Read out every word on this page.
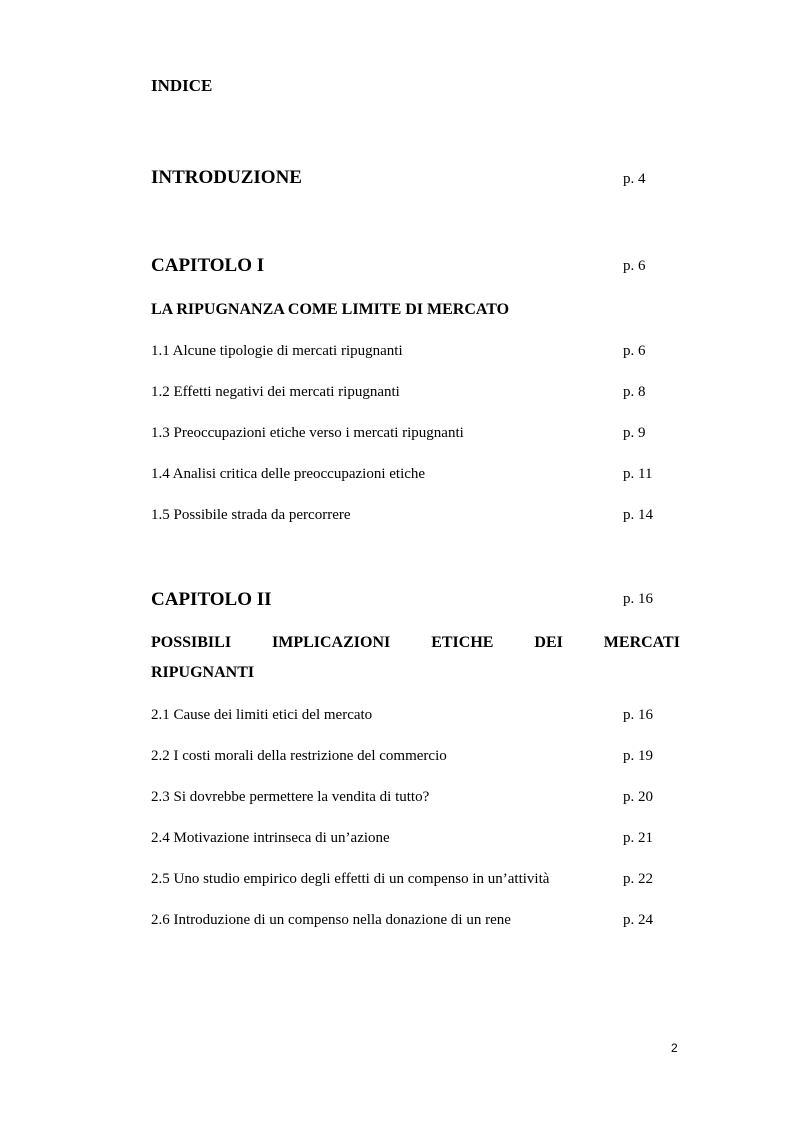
INDICE
INTRODUZIONE	p. 4
CAPITOLO I	p. 6
LA RIPUGNANZA COME LIMITE DI MERCATO
1.1 Alcune tipologie di mercati ripugnanti	p. 6
1.2 Effetti negativi dei mercati ripugnanti	p. 8
1.3 Preoccupazioni etiche verso i mercati ripugnanti	p. 9
1.4 Analisi critica delle preoccupazioni etiche	p. 11
1.5 Possibile strada da percorrere	p. 14
CAPITOLO II	p. 16
POSSIBILI	IMPLICAZIONI	ETICHE	DEI	MERCATI
RIPUGNANTI
2.1 Cause dei limiti etici del mercato	p. 16
2.2 I costi morali della restrizione del commercio	p. 19
2.3 Si dovrebbe permettere la vendita di tutto?	p. 20
2.4 Motivazione intrinseca di un’azione	p. 21
2.5 Uno studio empirico degli effetti di un compenso in un’attività	p. 22
2.6 Introduzione di un compenso nella donazione di un rene	p. 24
2
